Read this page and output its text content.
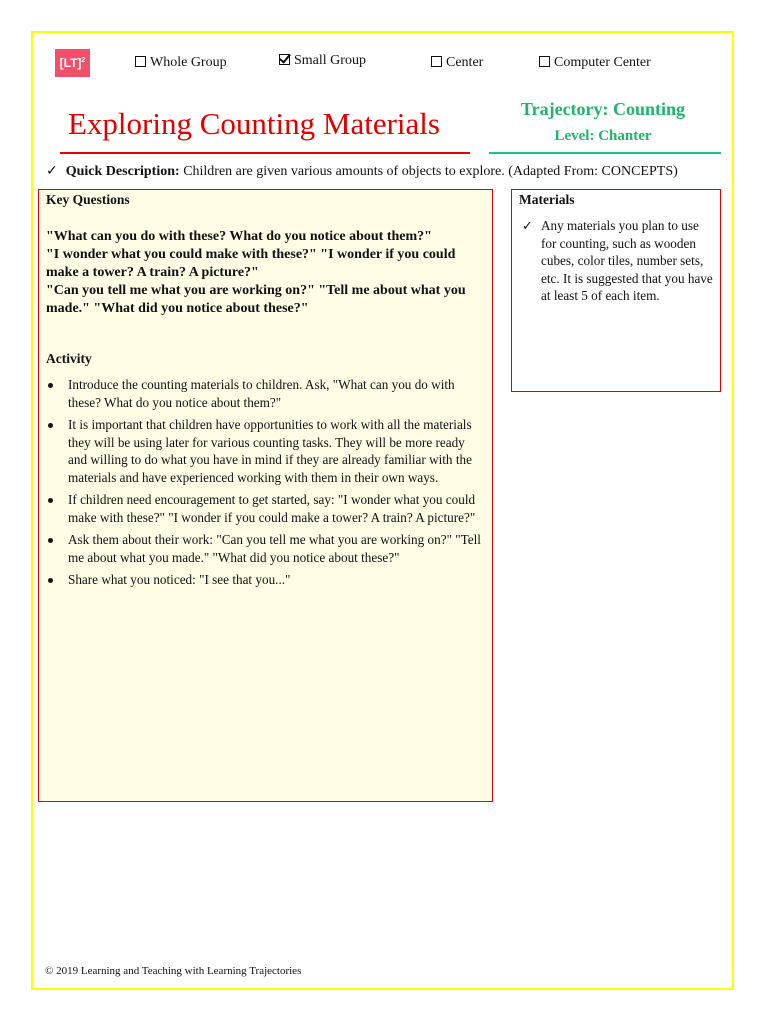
[LT]$^2$	Whole Group	Small Group	Center	Computer Center
Exploring Counting Materials	Trajectory: Counting
Level: Chanter
✓ Quick Description: Children are given various amounts of objects to explore. (Adapted From: CONCEPTS)
Key Questions
"What can you do with these? What do you notice about them?"
"I wonder what you could make with these?" "I wonder if you could make a tower? A train? A picture?"
"Can you tell me what you are working on?" "Tell me about what you made." "What did you notice about these?"
Activity
Introduce the counting materials to children. Ask, "What can you do with these? What do you notice about them?"
It is important that children have opportunities to work with all the materials they will be using later for various counting tasks. They will be more ready and willing to do what you have in mind if they are already familiar with the materials and have experienced working with them in their own ways.
If children need encouragement to get started, say: "I wonder what you could make with these?" "I wonder if you could make a tower? A train? A picture?"
Ask them about their work: "Can you tell me what you are working on?" "Tell me about what you made." "What did you notice about these?"
Share what you noticed: "I see that you..."
Materials
✓ Any materials you plan to use for counting, such as wooden cubes, color tiles, number sets, etc. It is suggested that you have at least 5 of each item.
© 2019 Learning and Teaching with Learning Trajectories
